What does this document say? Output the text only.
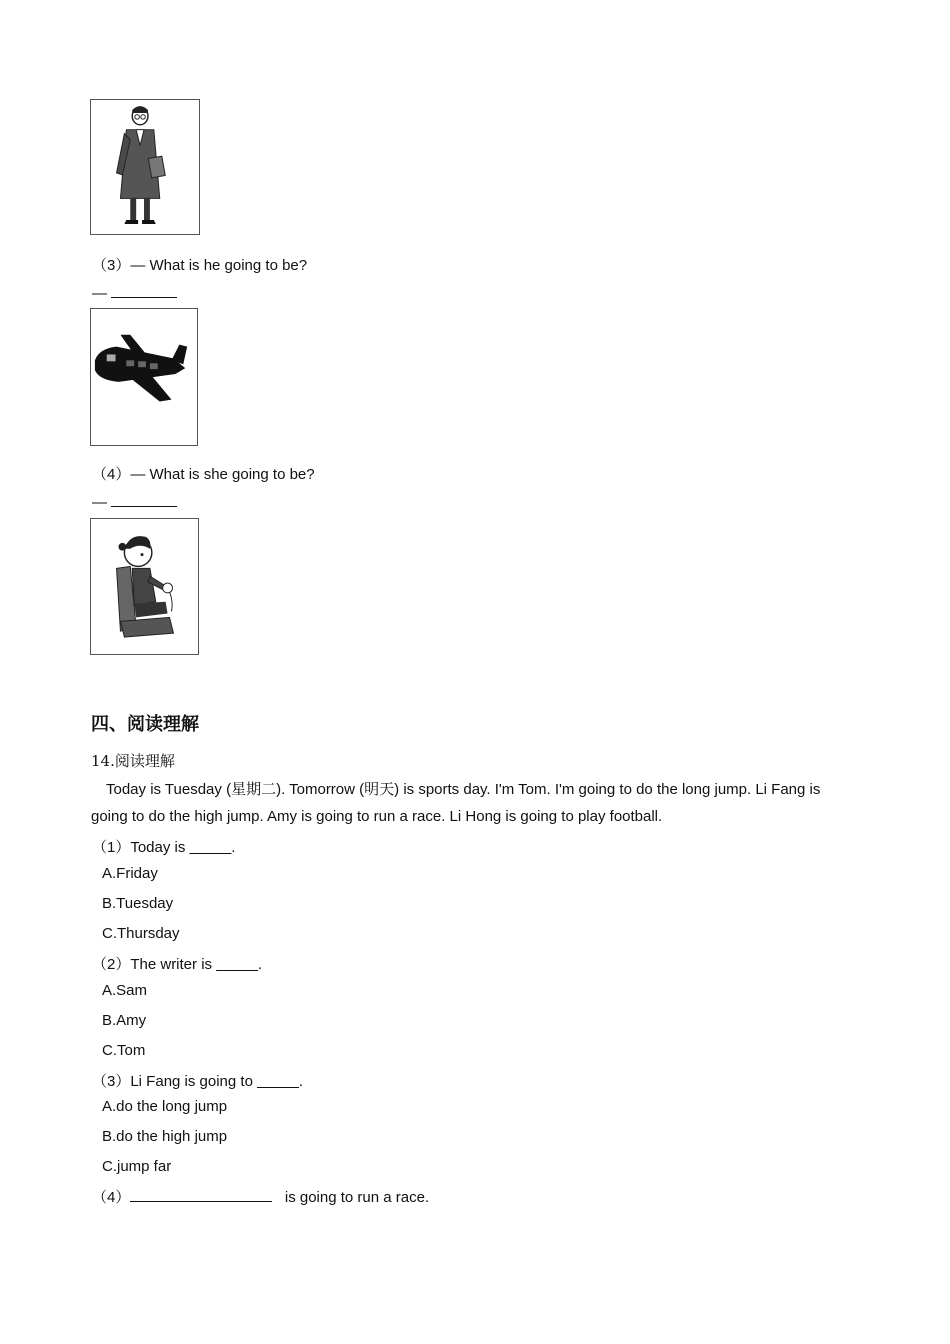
（3）— What is he going to be?
—
（4）— What is she going to be?
—
四、阅读理解
14.阅读理解
Today is Tuesday (星期二). Tomorrow (明天) is sports day. I'm Tom. I'm going to do the long jump. Li Fang is
going to do the high jump. Amy is going to run a race. Li Hong is going to play football.
（1）Today is _____.
A.Friday
B.Tuesday
C.Thursday
（2）The writer is _____.
A.Sam
B.Amy
C.Tom
（3）Li Fang is going to _____.
A.do the long jump
B.do the high jump
C.jump far
（4）	is going to run a race.
